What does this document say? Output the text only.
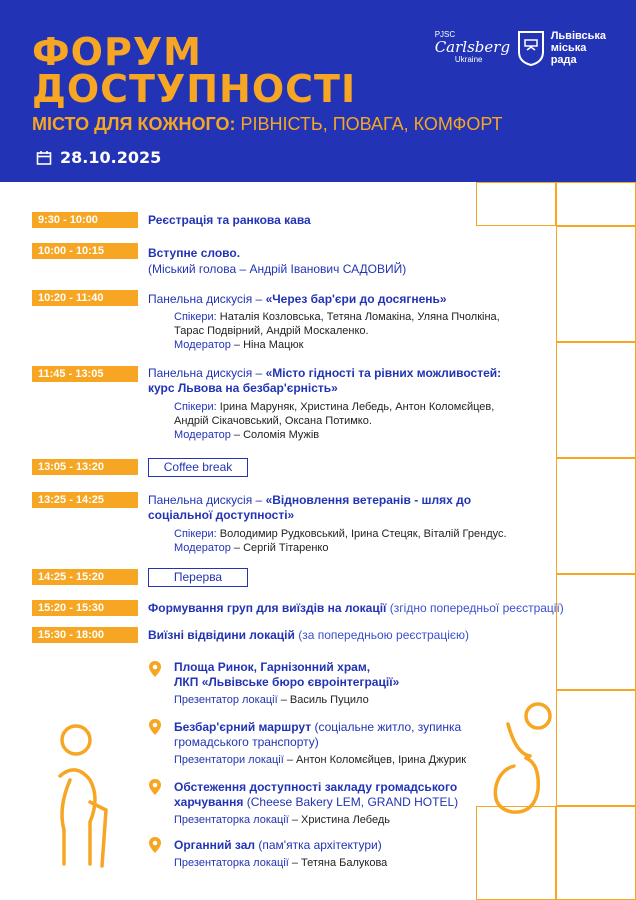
ФОРУМ
ДОСТУПНОСТІ
МІСТО ДЛЯ КОЖНОГО: РІВНІСТЬ, ПОВАГА, КОМФОРТ
28.10.2025
PJSC
Carlsberg
Ukraine
Львівська
міська
рада
9:30 - 10:00	Реєстрація та ранкова кава
10:00 - 10:15	Вступне слово.
(Міський голова – Андрій Іванович САДОВИЙ)
10:20 - 11:40	Панельна дискусія – «Через бар'єри до досягнень»
Спікери: Наталія Козловська, Тетяна Ломакіна, Уляна Пчолкіна,
Тарас Подвірний, Андрій Москаленко.
Модератор – Ніна Мацюк
11:45 - 13:05	Панельна дискусія – «Місто гідності та рівних можливостей:
курс Львова на безбар'єрність»
Спікери: Ірина Маруняк, Христина Лебедь, Антон Коломєйцев,
Андрій Сікачовський, Оксана Потимко.
Модератор – Соломія Мужів
13:05 - 13:20	Coffee break
13:25 - 14:25	Панельна дискусія – «Відновлення ветеранів - шлях до
соціальної доступності»
Спікери: Володимир Рудковський, Ірина Стецяк, Віталій Грендус.
Модератор – Сергій Тітаренко
14:25 - 15:20	Перерва
15:20 - 15:30	Формування груп для виїздів на локації (згідно попередньої реєстрації)
15:30 - 18:00	Виїзні відвідини локацій (за попередньою реєстрацією)
Площа Ринок, Гарнізонний храм,
ЛКП «Львівське бюро євроінтеграції»
Презентатор локації – Василь Пуцило
Безбар'єрний маршрут (соціальне житло, зупинка
громадського транспорту)
Презентатори локації – Антон Коломєйцев, Ірина Джурик
Обстеження доступності закладу громадського
харчування (Cheese Bakery LEM, GRAND HOTEL)
Презентаторка локації – Христина Лебедь
Органний зал (пам'ятка архітектури)
Презентаторка локації – Тетяна Балукова
